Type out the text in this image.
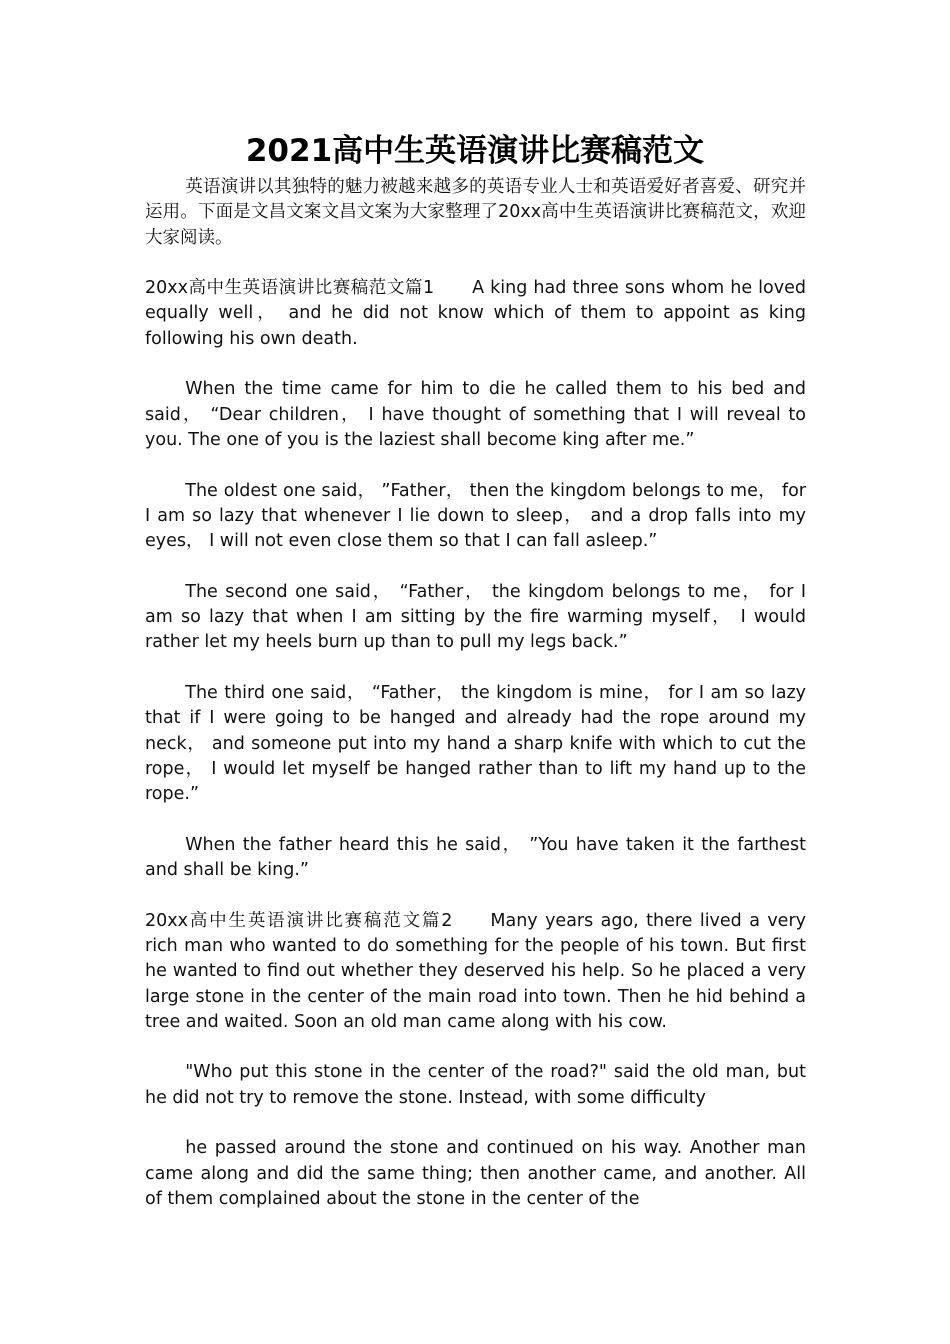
2021高中生英语演讲比赛稿范文

英语演讲以其独特的魅力被越来越多的英语专业人士和英语爱好者喜爱、研究并运用。下面是文昌文案文昌文案为大家整理了20xx高中生英语演讲比赛稿范文，欢迎大家阅读。

20xx高中生英语演讲比赛稿范文篇1 A king had three sons whom he loved equally well， and he did not know which of them to appoint as king following his own death.

When the time came for him to die he called them to his bed and said， “Dear children， I have thought of something that I will reveal to you. The one of you is the laziest shall become king after me.”

The oldest one said， ”Father， then the kingdom belongs to me， for I am so lazy that whenever I lie down to sleep， and a drop falls into my eyes， I will not even close them so that I can fall asleep.”

The second one said， “Father， the kingdom belongs to me， for I am so lazy that when I am sitting by the fire warming myself， I would rather let my heels burn up than to pull my legs back.”

The third one said， “Father， the kingdom is mine， for I am so lazy that if I were going to be hanged and already had the rope around my neck， and someone put into my hand a sharp knife with which to cut the rope， I would let myself be hanged rather than to lift my hand up to the rope.”

When the father heard this he said， ”You have taken it the farthest and shall be king.”

20xx高中生英语演讲比赛稿范文篇2 Many years ago, there lived a very rich man who wanted to do something for the people of his town. But first he wanted to find out whether they deserved his help. So he placed a very large stone in the center of the main road into town. Then he hid behind a tree and waited. Soon an old man came along with his cow.

"Who put this stone in the center of the road?" said the old man, but he did not try to remove the stone. Instead, with some difficulty

he passed around the stone and continued on his way. Another man came along and did the same thing; then another came, and another. All of them complained about the stone in the center of the
